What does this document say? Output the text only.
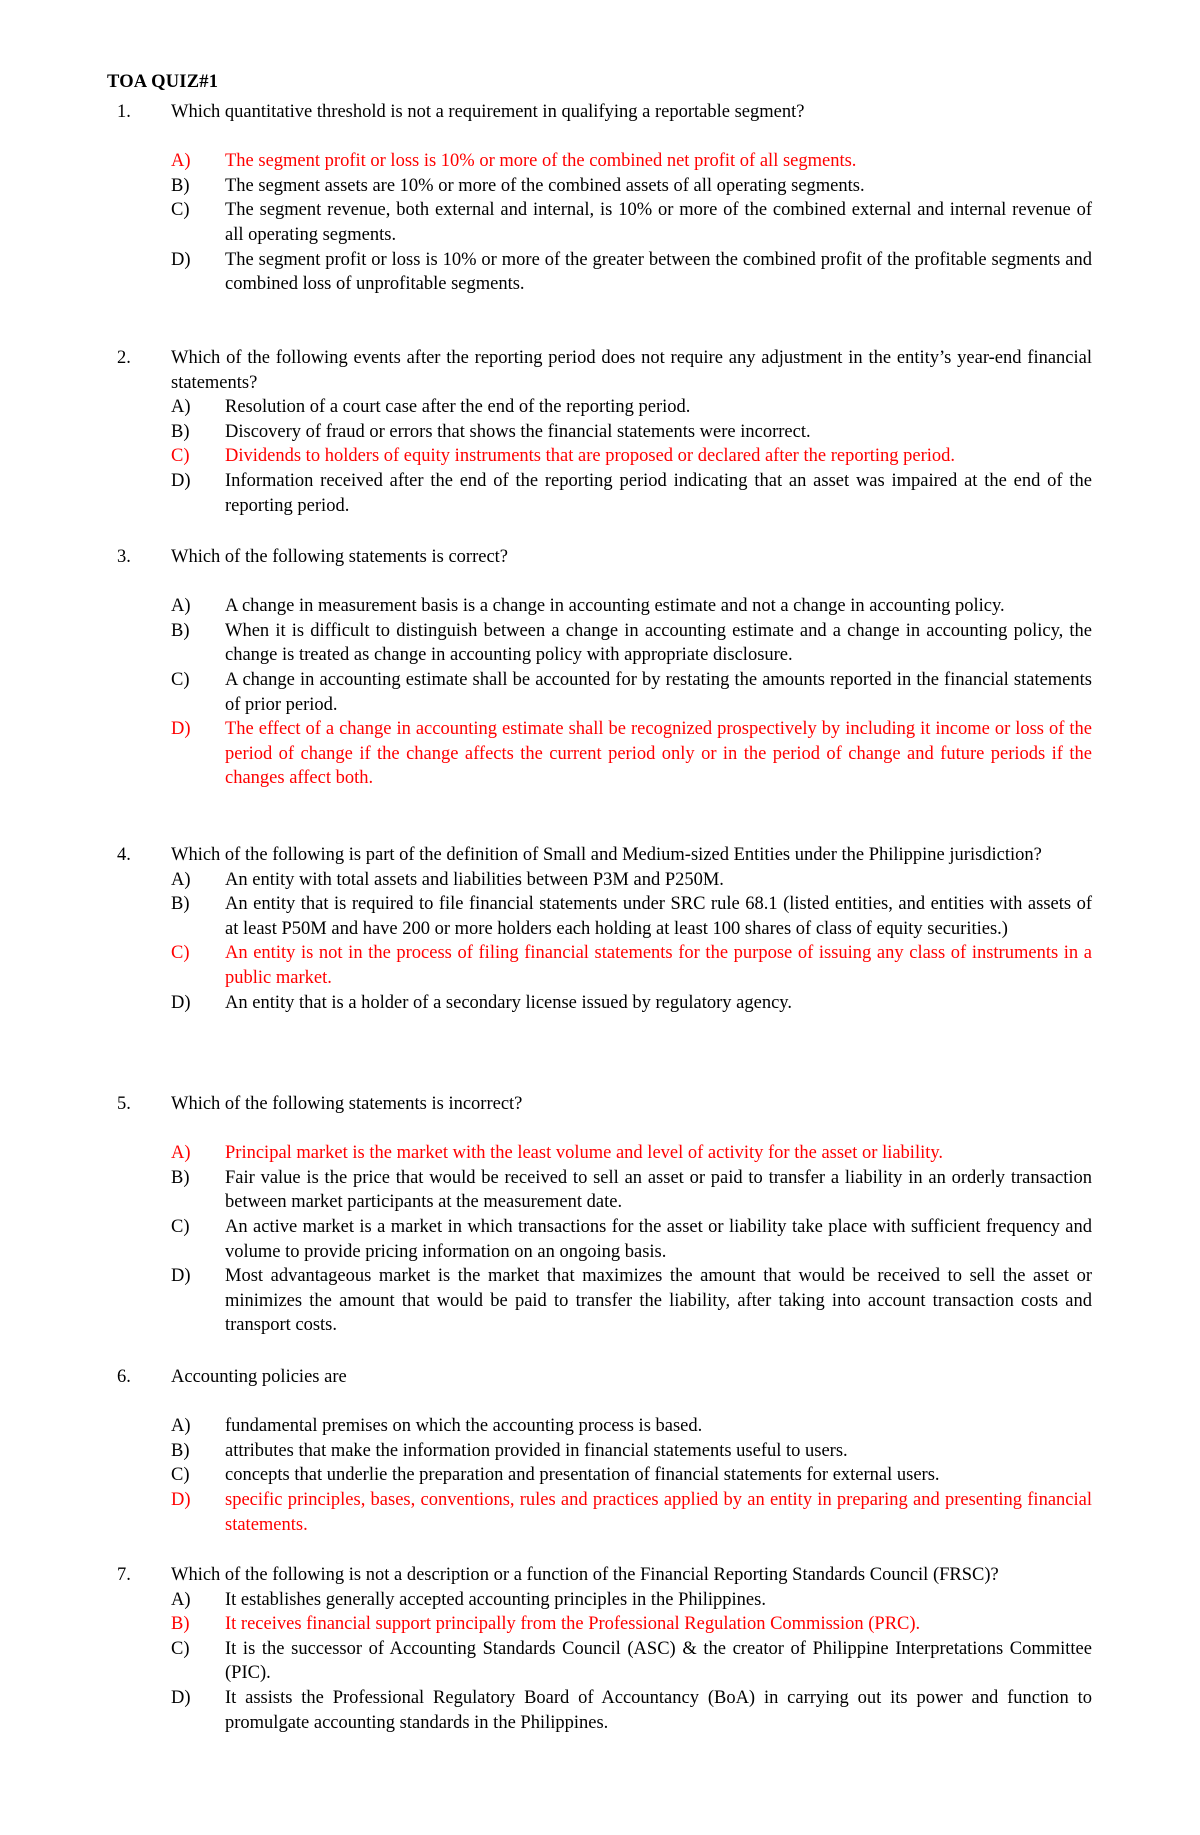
TOA QUIZ#1
1. Which quantitative threshold is not a requirement in qualifying a reportable segment?
A) The segment profit or loss is 10% or more of the combined net profit of all segments.
B) The segment assets are 10% or more of the combined assets of all operating segments.
C) The segment revenue, both external and internal, is 10% or more of the combined external and internal revenue of all operating segments.
D) The segment profit or loss is 10% or more of the greater between the combined profit of the profitable segments and combined loss of unprofitable segments.
2. Which of the following events after the reporting period does not require any adjustment in the entity’s year-end financial statements?
A) Resolution of a court case after the end of the reporting period.
B) Discovery of fraud or errors that shows the financial statements were incorrect.
C) Dividends to holders of equity instruments that are proposed or declared after the reporting period.
D) Information received after the end of the reporting period indicating that an asset was impaired at the end of the reporting period.
3. Which of the following statements is correct?
A) A change in measurement basis is a change in accounting estimate and not a change in accounting policy.
B) When it is difficult to distinguish between a change in accounting estimate and a change in accounting policy, the change is treated as change in accounting policy with appropriate disclosure.
C) A change in accounting estimate shall be accounted for by restating the amounts reported in the financial statements of prior period.
D) The effect of a change in accounting estimate shall be recognized prospectively by including it income or loss of the period of change if the change affects the current period only or in the period of change and future periods if the changes affect both.
4. Which of the following is part of the definition of Small and Medium-sized Entities under the Philippine jurisdiction?
A) An entity with total assets and liabilities between P3M and P250M.
B) An entity that is required to file financial statements under SRC rule 68.1 (listed entities, and entities with assets of at least P50M and have 200 or more holders each holding at least 100 shares of class of equity securities.)
C) An entity is not in the process of filing financial statements for the purpose of issuing any class of instruments in a public market.
D) An entity that is a holder of a secondary license issued by regulatory agency.
5. Which of the following statements is incorrect?
A) Principal market is the market with the least volume and level of activity for the asset or liability.
B) Fair value is the price that would be received to sell an asset or paid to transfer a liability in an orderly transaction between market participants at the measurement date.
C) An active market is a market in which transactions for the asset or liability take place with sufficient frequency and volume to provide pricing information on an ongoing basis.
D) Most advantageous market is the market that maximizes the amount that would be received to sell the asset or minimizes the amount that would be paid to transfer the liability, after taking into account transaction costs and transport costs.
6. Accounting policies are
A) fundamental premises on which the accounting process is based.
B) attributes that make the information provided in financial statements useful to users.
C) concepts that underlie the preparation and presentation of financial statements for external users.
D) specific principles, bases, conventions, rules and practices applied by an entity in preparing and presenting financial statements.
7. Which of the following is not a description or a function of the Financial Reporting Standards Council (FRSC)?
A) It establishes generally accepted accounting principles in the Philippines.
B) It receives financial support principally from the Professional Regulation Commission (PRC).
C) It is the successor of Accounting Standards Council (ASC) & the creator of Philippine Interpretations Committee (PIC).
D) It assists the Professional Regulatory Board of Accountancy (BoA) in carrying out its power and function to promulgate accounting standards in the Philippines.
